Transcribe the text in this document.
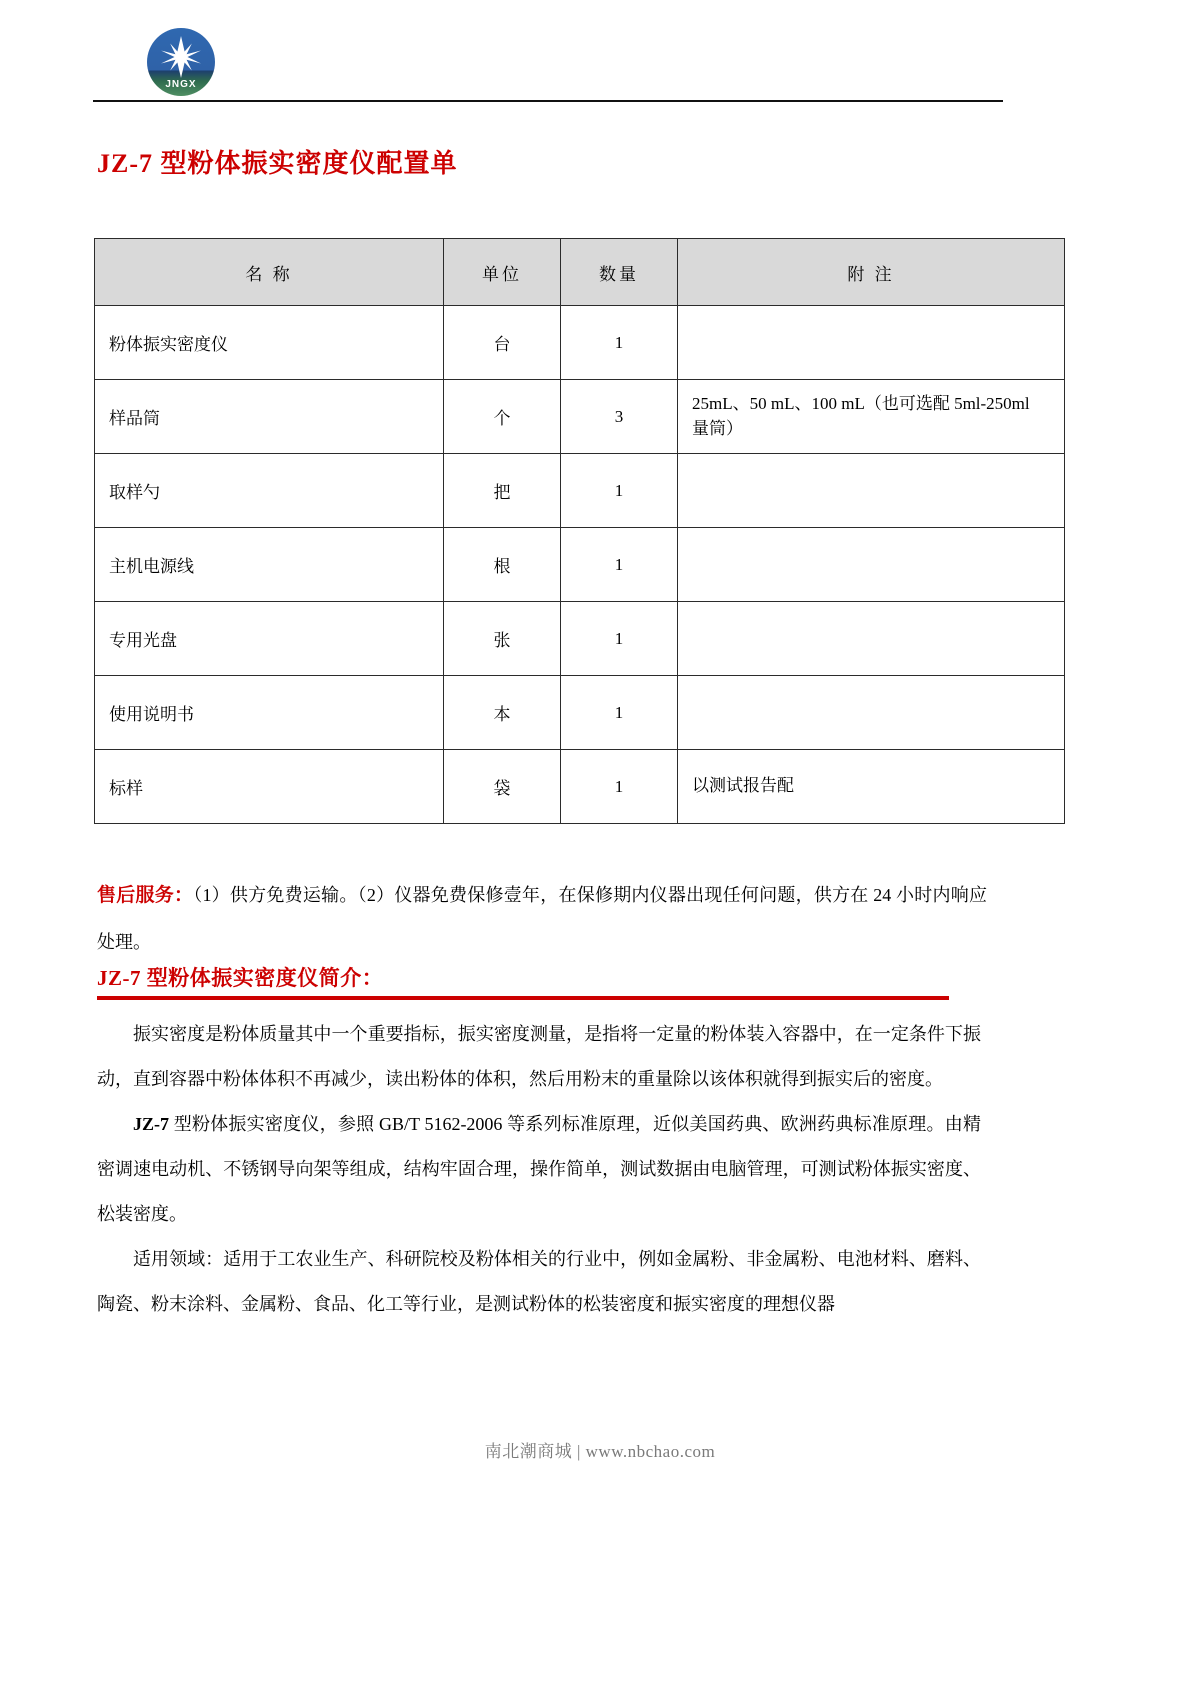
JNGX
JZ-7 型粉体振实密度仪配置单
名 称	单位	数量	附 注
粉体振实密度仪	台	1	
样品筒	个	3	25mL、50 mL、100 mL（也可选配 5ml-250ml 量筒）
取样勺	把	1	
主机电源线	根	1	
专用光盘	张	1	
使用说明书	本	1	
标样	袋	1	以测试报告配
售后服务：（1）供方免费运输。（2）仪器免费保修壹年，在保修期内仪器出现任何问题，供方在 24 小时内响应处理。
JZ-7 型粉体振实密度仪简介：

振实密度是粉体质量其中一个重要指标，振实密度测量，是指将一定量的粉体装入容器中，在一定条件下振动，直到容器中粉体体积不再减少，读出粉体的体积，然后用粉末的重量除以该体积就得到振实后的密度。

JZ-7 型粉体振实密度仪，参照 GB/T 5162-2006 等系列标准原理，近似美国药典、欧洲药典标准原理。由精密调速电动机、不锈钢导向架等组成，结构牢固合理，操作简单，测试数据由电脑管理，可测试粉体振实密度、松装密度。

适用领域：适用于工农业生产、科研院校及粉体相关的行业中，例如金属粉、非金属粉、电池材料、磨料、陶瓷、粉末涂料、金属粉、食品、化工等行业，是测试粉体的松装密度和振实密度的理想仪器

南北潮商城 | www.nbchao.com
